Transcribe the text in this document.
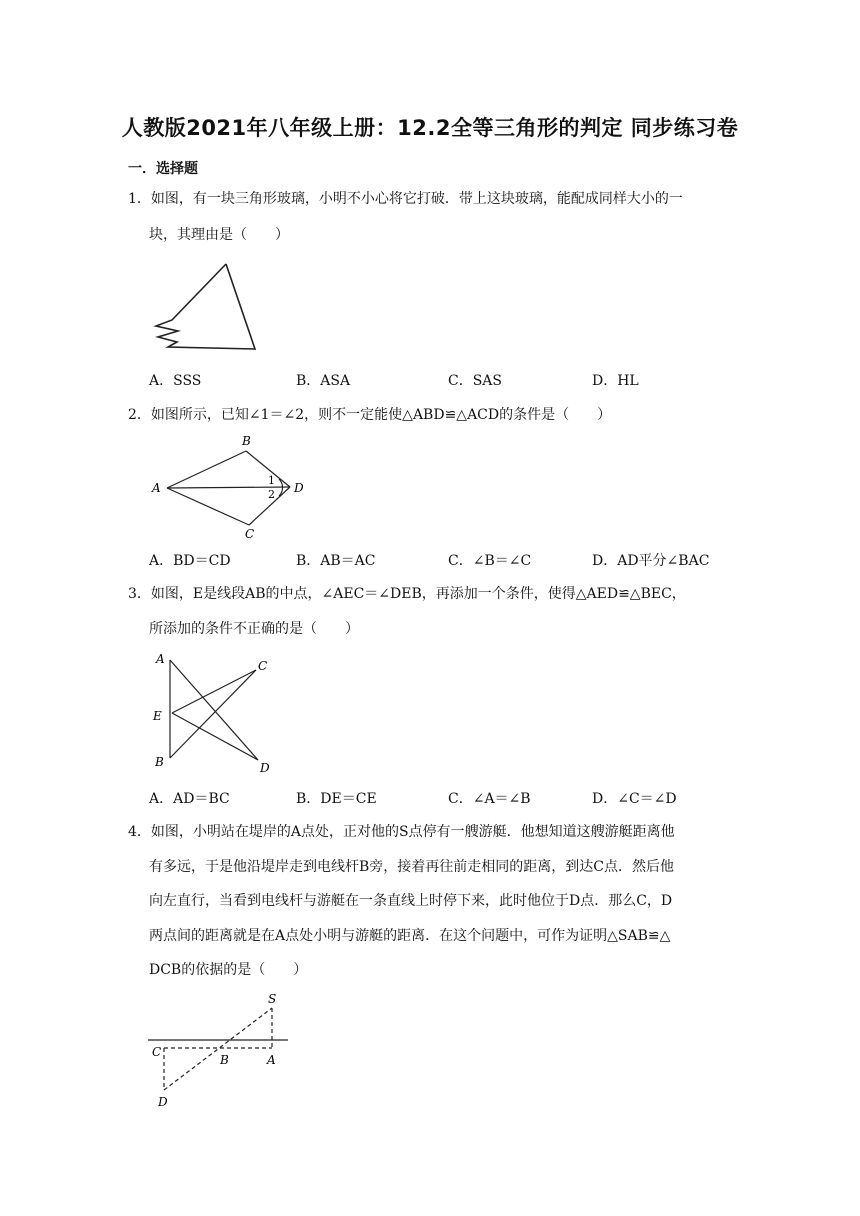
人教版2021年八年级上册：12.2全等三角形的判定 同步练习卷
一．选择题
1．如图，有一块三角形玻璃，小明不小心将它打破．带上这块玻璃，能配成同样大小的一
块，其理由是（　　）
A．SSS	B．ASA	C．SAS	D．HL
2．如图所示，已知∠1＝∠2，则不一定能使△ABD≌△ACD的条件是（　　）
A
B
C
D
1
2
A．BD＝CD	B．AB＝AC	C．∠B＝∠C	D．AD平分∠BAC
3．如图，E是线段AB的中点，∠AEC＝∠DEB，再添加一个条件，使得△AED≌△BEC，
所添加的条件不正确的是（　　）
A
E
B
C
D
A．AD＝BC	B．DE＝CE	C．∠A＝∠B	D．∠C＝∠D
4．如图，小明站在堤岸的A点处，正对他的S点停有一艘游艇．他想知道这艘游艇距离他
有多远，于是他沿堤岸走到电线杆B旁，接着再往前走相同的距离，到达C点．然后他
向左直行，当看到电线杆与游艇在一条直线上时停下来，此时他位于D点．那么C，D
两点间的距离就是在A点处小明与游艇的距离．在这个问题中，可作为证明△SAB≌△
DCB的依据的是（　　）
S
C
B	A
D
